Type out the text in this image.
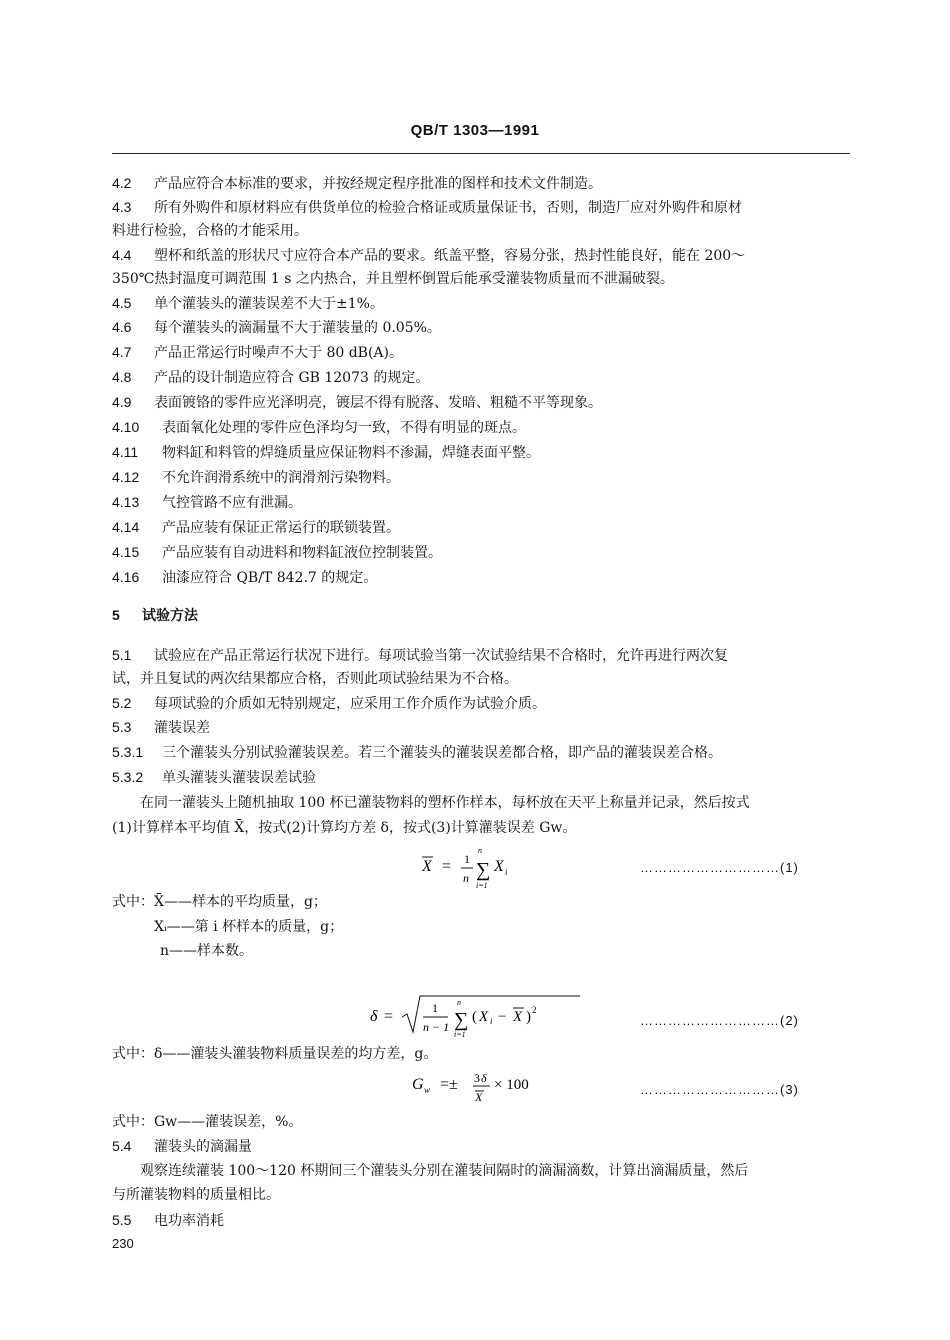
QB/T 1303—1991
4.2 产品应符合本标准的要求，并按经规定程序批准的图样和技术文件制造。
4.3 所有外购件和原材料应有供货单位的检验合格证或质量保证书，否则，制造厂应对外购件和原材
料进行检验，合格的才能采用。
4.4 塑杯和纸盖的形状尺寸应符合本产品的要求。纸盖平整，容易分张，热封性能良好，能在 200～
350℃热封温度可调范围 1 s 之内热合，并且塑杯倒置后能承受灌装物质量而不泄漏破裂。
4.5 单个灌装头的灌装误差不大于±1%。
4.6 每个灌装头的滴漏量不大于灌装量的 0.05%。
4.7 产品正常运行时噪声不大于 80 dB(A)。
4.8 产品的设计制造应符合 GB 12073 的规定。
4.9 表面镀铬的零件应光泽明亮，镀层不得有脱落、发暗、粗糙不平等现象。
4.10 表面氧化处理的零件应色泽均匀一致，不得有明显的斑点。
4.11 物料缸和料管的焊缝质量应保证物料不渗漏，焊缝表面平整。
4.12 不允许润滑系统中的润滑剂污染物料。
4.13 气控管路不应有泄漏。
4.14 产品应装有保证正常运行的联锁装置。
4.15 产品应装有自动进料和物料缸液位控制装置。
4.16 油漆应符合 QB/T 842.7 的规定。
5 试验方法
5.1 试验应在产品正常运行状况下进行。每项试验当第一次试验结果不合格时，允许再进行两次复
试，并且复试的两次结果都应合格，否则此项试验结果为不合格。
5.2 每项试验的介质如无特别规定，应采用工作介质作为试验介质。
5.3 灌装误差
5.3.1 三个灌装头分别试验灌装误差。若三个灌装头的灌装误差都合格，即产品的灌装误差合格。
5.3.2 单头灌装头灌装误差试验
在同一灌装头上随机抽取 100 杯已灌装物料的塑杯作样本，每杯放在天平上称量并记录，然后按式
(1)计算样本平均值 X̄，按式(2)计算均方差 δ，按式(3)计算灌装误差 Gw。
X = 1
n
n
∑
i=1
X i	…………………………(1)
式中：X̄——样本的平均质量，g；
Xᵢ——第 i 杯样本的质量，g；
n——样本数。
δ =	1
n − 1
n
∑
i=1
( X i − X ) 2
…………………………(2)
式中：δ——灌装头灌装物料质量误差的均方差，g。
G w =± 3 δ
X
× 100	…………………………(3)
式中：Gw——灌装误差，%。
5.4 灌装头的滴漏量
观察连续灌装 100～120 杯期间三个灌装头分别在灌装间隔时的滴漏滴数，计算出滴漏质量，然后
与所灌装物料的质量相比。
5.5 电功率消耗
230
